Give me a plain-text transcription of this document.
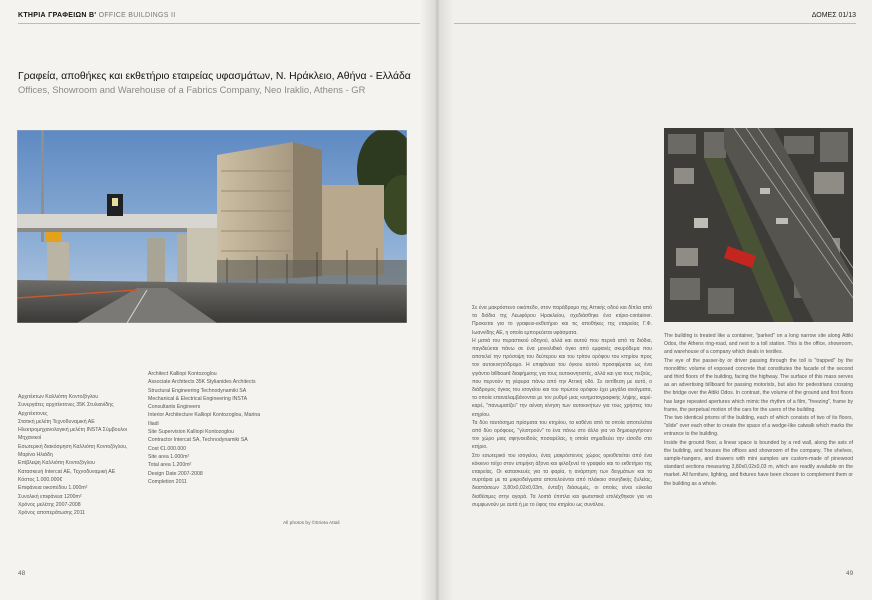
ΚΤΗΡΙΑ ΓΡΑΦΕΙΩΝ Β' OFFICE BUILDINGS II
Γραφεία, αποθήκες και εκθετήριο εταιρείας υφασμάτων, Ν. Ηράκλειο, Αθήνα - Ελλάδα
Offices, Showroom and Warehouse of a Fabrics Company, Neo Iraklio, Athens - GR
Αρχιτέκτων Καλλιόπη Κοντοζόγλου
Συνεργάτες αρχιτέκτονες 35K Στυλιανίδης
Αρχιτέκτονες
Στατική μελέτη Τεχνοδυναμική ΑΕ
Ηλεκτρομηχανολογική μελέτη INSTA Σύμβουλοι
Μηχανικοί
Εσωτερική διακόσμηση Καλλιόπη Κοντοζόγλου,
Μαρίνα Ηλιάδη
Επίβλεψη Καλλιόπη Κοντοζόγλου
Κατασκευή Intercat ΑΕ, Τεχνοδυναμική ΑΕ
Κόστος 1.000.000€
Επιφάνεια οικοπέδου 1.000m²
Συνολική επιφάνεια 1200m²
Χρόνος μελέτης 2007-2008
Χρόνος αποπεράτωσης 2011
Architect Kalliopi Kontozoglou
Associate Architects 35K Stylianides Architects
Structural Engineering Technodynamiki SA
Mechanical & Electrical Engineering INSTA
Consultants Engineers
Interior Architecture Kalliopi Kontozoglou, Marina
Iliadi
Site Supervision Kalliopi Kontozoglou
Contractor Intercat SA, Technodynamiki SA
Cost €1.000.000
Site area 1.000m²
Total area 1.200m²
Design Date 2007-2008
Completion 2011
All photos by ©Erieta Attali
48
ΔΟΜΕΣ 01/13
49

Σε ένα μακρόστενο οικόπεδο, στον παράδρομο της Αττικής οδού και δίπλα από τα διόδια της Λεωφόρου Ηρακλείου, σχεδιάσθηκε ένα κτίριο-container. Προκειται για το γραφειο-εκθετήριο και τις αποθήκες της εταιρείας Γ.Φ. Ιωαννίδης ΑΕ, η οποία εμπορεύεται υφάσματα.

Η ματιά του περαστικού οδηγού, αλλά και αυτού που περνά από τα διόδια, παγιδεύεται πάνω σε ένα μονολιθικό όγκο από εμφανές σκυρόδεμα που αποτελεί την πρόσοψη του δεύτερου και του τρίτου ορόφου του κτηρίου προς τον αυτοκινητόδρομο. Η επιφάνεια του όγκου αυτού προσφέρεται ως ένα γιγάντιο billboard διαφήμισης για τους αυτοκινητιστές, αλλά και για τους πεζούς, που περνούν τη γέφυρα πάνω από την Αττική οδό. Σε αντίθεση με αυτό, ο διάδρομος όγκος του ισογείου και του πρώτου ορόφου έχει μεγάλα ανοίγματα, τα οποία επαναλαμβάνονται με τον ρυθμό μιας κινηματογραφικής λήψης, καρέ-καρέ, "πανωματίζει" την αέναη κίνηση των αυτοκινήτων για τους χρήστες του κτηρίου.

Τα δύο ταυτόσημα πρίσματα του κτηρίου, τα καθένα από τα οποία αποτελείται από δύο ορόφους, "γλιστρούν" το ένα πάνω στο άλλο για να δημιουργήσουν τον χώρο μιας σφηνοειδούς ποσαρέλας, η οποία σημαδεύει την είσοδο στο κτήριο.

Στο εσωτερικό του ισογείου, ένας μακρόστενος χώρος οριοθετείται από ένα κόκκινο τοίχο στον επιμήκη άξονα και φιλοξενεί το γραφείο και το εκθετήριο της εταιρείας. Οι κατασκευές για τα φαρία, η ανάρτηση των δειγμάτων και τα συρτάρια με τα μικροδείγματα αποτελούνται από πλάκοιο σουηδικής ξυλείας, διαστάσεων 3,80x0,02x0,03m, ένταξη διάσωμές, οι οποίες είναι εύκολα διαθέσιμες στην αγορά. Τα λοιπά έπιπλα και φωτιστικά επιλέχθηκαν για να συμφωνούν με αυτά ή με το ύφος του κτηρίου ως συνόλου.

The building is treated like a container, "parked" on a long narrow site along Attiki Odos, the Athens ring-road, and next to a toll station. This is the office, showroom, and warehouse of a company which deals in textiles.

The eye of the passer-by or driver passing through the toll is "trapped" by the monolithic volume of exposed concrete that constitutes the facade of the second and third floors of the building, facing the highway. The surface of this mass serves as an advertising billboard for passing motorists, but also for pedestrians crossing the bridge over the Attiki Odos. In contrast, the volume of the ground and first floors has large repeated apertures which mimic the rhythm of a film, "freezing", frame by frame, the perpetual motion of the cars for the users of the building.

The two identical prisms of the building, each of which consists of two of its floors, "slide" over each other to create the space of a wedge-like catwalk which marks the entrance to the building.

Inside the ground floor, a linear space is bounded by a red wall, along the axis of the building, and houses the offices and showroom of the company. The shelves, sample-hangers, and drawers with mini samples are custom-made of pinewood standard sections measuring 3,80x0,02x0,03 m, which are readily available on the market. All furniture, lighting, and fixtures have been chosen to complement them or the building as a whole.
